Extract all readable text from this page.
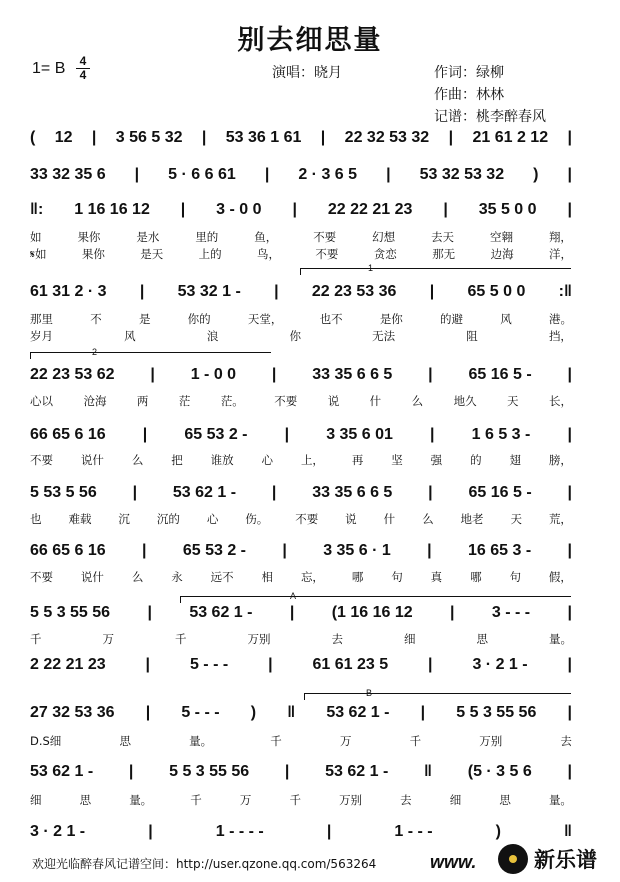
别去细思量
1= B	4
4	演唱：晓月	作词：绿柳
作曲：林林
记谱：桃李醉春风
( 12 | 3 56 5 32 | 53 36 1 61 | 22 32 53 32 | 21 61 2 12 |
33 32 35 6 | 5 · 6 6 61 | 2 · 3 6 5 | 53 32 53 32 ) |
‖: 1 16 16 12 | 3 - 0 0 | 22 22 21 23 | 35 5 0 0 |
61 31 2 · 3 | 53 32 1 - | 22 23 53 36 | 65 5 0 0 :‖
22 23 53 62 | 1 - 0 0 | 33 35 6 6 5 | 65 16 5 - |
66 65 6 16 | 65 53 2 - | 3 35 6 01 | 1 6 5 3 - |
5 53 5 56 | 53 62 1 - | 33 35 6 6 5 | 65 16 5 - |
66 65 6 16 | 65 53 2 - | 3 35 6 · 1 | 16 65 3 - |
5 5 3 55 56 | 53 62 1 - | (1 16 16 12 | 3 - - - |
2 22 21 23 | 5 - - - | 61 61 23 5 | 3 · 2 1 - |
27 32 53 36 | 5 - - - ) ‖ 53 62 1 - | 5 5 3 55 56 |
53 62 1 - | 5 5 3 55 56 | 53 62 1 - ‖ (5 · 3 5 6 |
3 · 2 1 -	|	1 - - - -	|	1 - - -	)	‖
如	果你	是水	里的	鱼，	不要	幻想	去天	空翱	翔，
𝄋如	果你	是天	上的	鸟，	不要	贪恋	那无	边海	洋，
那里	不	是	你的	天堂，	也不	是你	的避	风	港。
岁月	风	浪	你	无法	阻	挡，
心以	沧海	两	茫	茫。	不要	说	什	么	地久	天	长，
不要 说什 么 把 谁放 心 上， 再 坚 强 的 翅 膀，
也 难载 沉 沉的 心 伤。 不要 说 什 么 地老 天 荒，
不要 说什 么 永 远不 相 忘， 哪 句 真 哪 句 假，
千	万	千	万别	去	细	思	量。
D.S细	思	量。	千	万	千	万别	去
细	思	量。	千	万	千	万别	去	细	思	量。
1
2
A
B
欢迎光临醉春风记谱空间：http://user.qzone.qq.com/563264	www.	新乐谱
